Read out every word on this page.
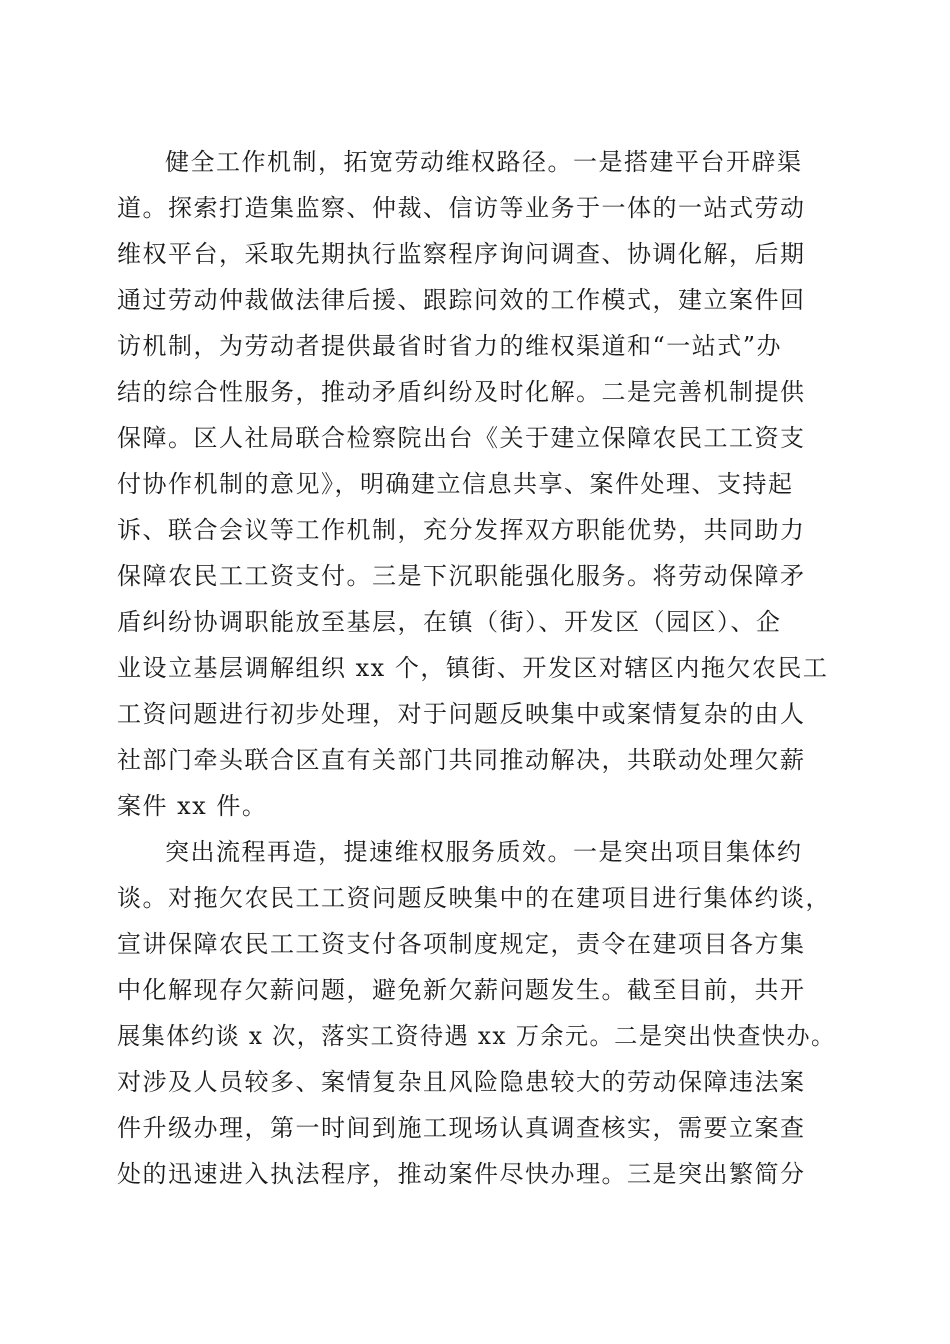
健全工作机制，拓宽劳动维权路径。一是搭建平台开辟渠
道。探索打造集监察、仲裁、信访等业务于一体的一站式劳动
维权平台，采取先期执行监察程序询问调查、协调化解，后期
通过劳动仲裁做法律后援、跟踪问效的工作模式，建立案件回
访机制，为劳动者提供最省时省力的维权渠道和“一站式”办
结的综合性服务，推动矛盾纠纷及时化解。二是完善机制提供
保障。区人社局联合检察院出台《关于建立保障农民工工资支
付协作机制的意见》，明确建立信息共享、案件处理、支持起
诉、联合会议等工作机制，充分发挥双方职能优势，共同助力
保障农民工工资支付。三是下沉职能强化服务。将劳动保障矛
盾纠纷协调职能放至基层，在镇（街）、开发区（园区）、企
业设立基层调解组织 xx 个，镇街、开发区对辖区内拖欠农民工
工资问题进行初步处理，对于问题反映集中或案情复杂的由人
社部门牵头联合区直有关部门共同推动解决，共联动处理欠薪
案件 xx 件。
突出流程再造，提速维权服务质效。一是突出项目集体约
谈。对拖欠农民工工资问题反映集中的在建项目进行集体约谈，
宣讲保障农民工工资支付各项制度规定，责令在建项目各方集
中化解现存欠薪问题，避免新欠薪问题发生。截至目前，共开
展集体约谈 x 次，落实工资待遇 xx 万余元。二是突出快查快办。
对涉及人员较多、案情复杂且风险隐患较大的劳动保障违法案
件升级办理，第一时间到施工现场认真调查核实，需要立案查
处的迅速进入执法程序，推动案件尽快办理。三是突出繁简分
